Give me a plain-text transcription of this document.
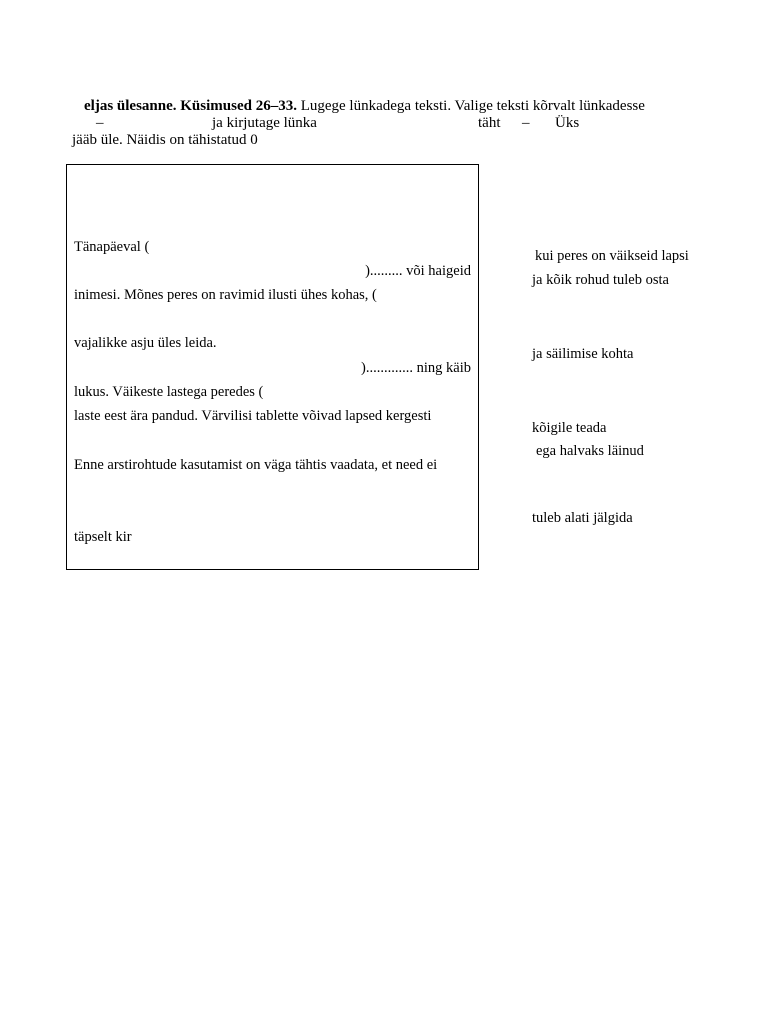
eljas ülesanne. Küsimused 26–33. Lugege lünkadega teksti. Valige teksti kõrvalt lünkadesse
–	ja kirjutage lünka	täht – Üks
jääb üle. Näidis on tähistatud 0
Tänapäeval (
)......... või haigeid
inimesi. Mõnes peres on ravimid ilusti ühes kohas, (
vajalikke asju üles leida.
)............. ning käib
lukus. Väikeste lastega peredes (
laste eest ära pandud. Värvilisi tablette võivad lapsed kergesti
Enne arstirohtude kasutamist on väga tähtis vaadata, et need ei
täpselt kir
kui peres on väikseid lapsi
ja kõik rohud tuleb osta
ja säilimise kohta
kõigile teada
ega halvaks läinud
tuleb alati jälgida
